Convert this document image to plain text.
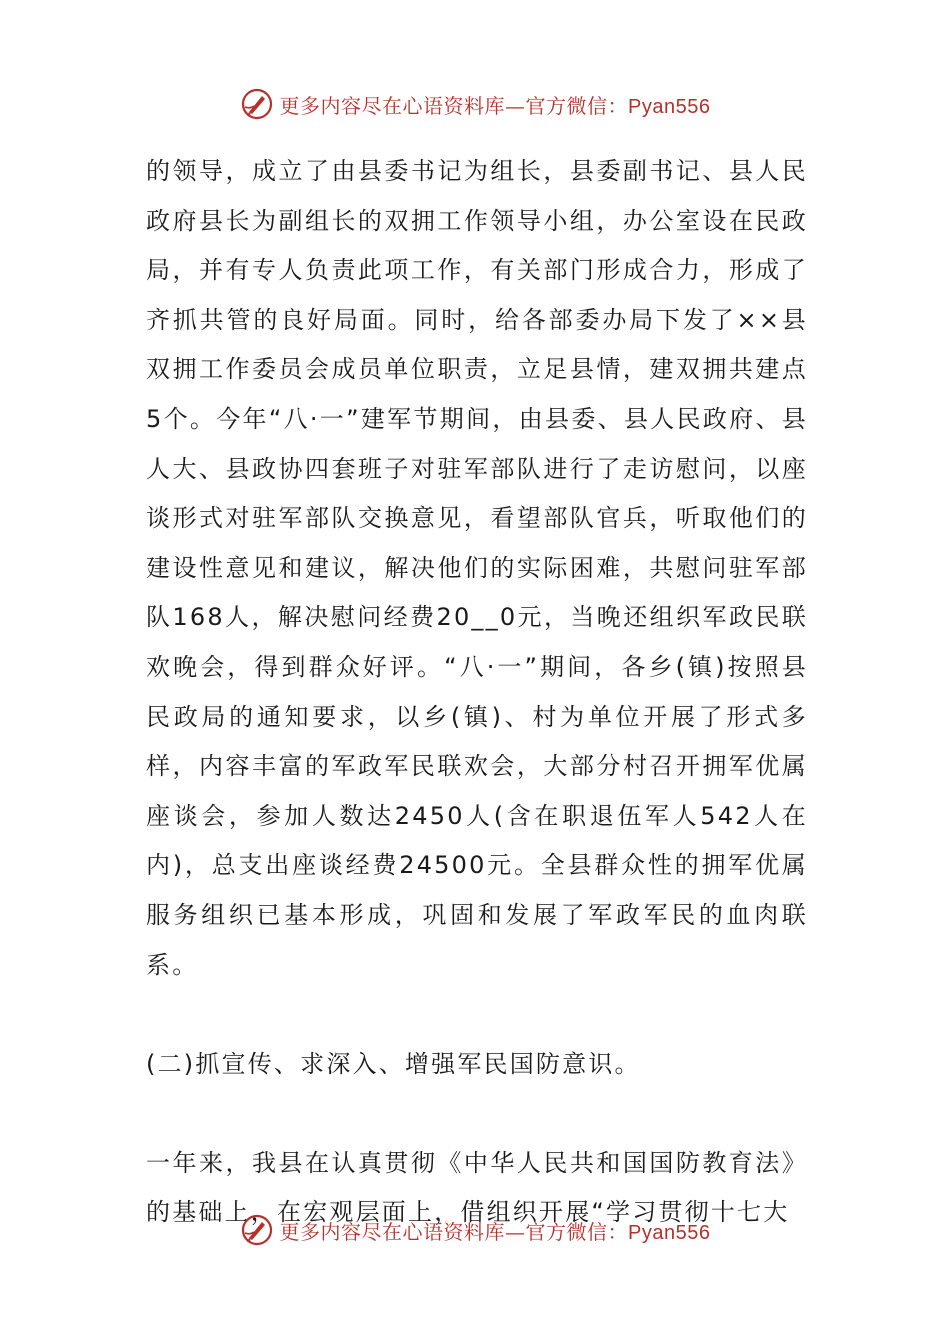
更多内容尽在心语资料库—官方微信：Pyan556

的领导，成立了由县委书记为组长，县委副书记、县人民政府县长为副组长的双拥工作领导小组，办公室设在民政局，并有专人负责此项工作，有关部门形成合力，形成了齐抓共管的良好局面。同时，给各部委办局下发了××县双拥工作委员会成员单位职责，立足县情，建双拥共建点5个。今年“八·一”建军节期间，由县委、县人民政府、县人大、县政协四套班子对驻军部队进行了走访慰问，以座谈形式对驻军部队交换意见，看望部队官兵，听取他们的建设性意见和建议，解决他们的实际困难，共慰问驻军部队168人，解决慰问经费20__0元，当晚还组织军政民联欢晚会，得到群众好评。“八·一”期间，各乡(镇)按照县民政局的通知要求，以乡(镇)、村为单位开展了形式多样，内容丰富的军政军民联欢会，大部分村召开拥军优属座谈会，参加人数达2450人(含在职退伍军人542人在内)，总支出座谈经费24500元。全县群众性的拥军优属服务组织已基本形成，巩固和发展了军政军民的血肉联系。

(二)抓宣传、求深入、增强军民国防意识。

一年来，我县在认真贯彻《中华人民共和国国防教育法》的基础上，在宏观层面上，借组织开展“学习贯彻十七大

更多内容尽在心语资料库—官方微信：Pyan556
